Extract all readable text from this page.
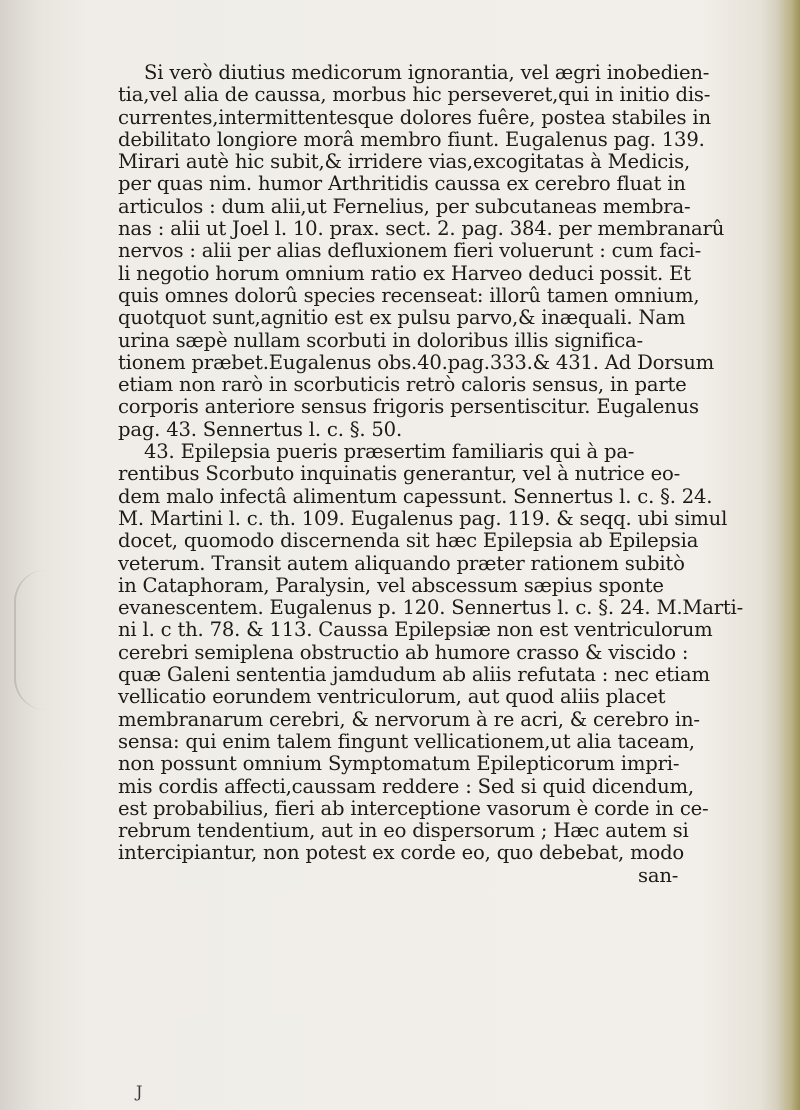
Si verò diutius medicorum ignorantia, vel ægri inobedien-
tia,vel alia de caussa, morbus hic perseveret,qui in initio dis-
currentes,intermittentesque dolores fuêre, postea stabiles in
debilitato longiore morâ membro fiunt. Eugalenus pag. 139.
Mirari autè hic subit,& irridere vias,excogitatas à Medicis,
per quas nim. humor Arthritidis caussa ex cerebro fluat in
articulos : dum alii,ut Fernelius, per subcutaneas membra-
nas : alii ut Joel l. 10. prax. sect. 2. pag. 384. per membranarû
nervos : alii per alias defluxionem fieri voluerunt : cum faci-
li negotio horum omnium ratio ex Harveo deduci possit. Et
quis omnes dolorû species recenseat: illorû tamen omnium,
quotquot sunt,agnitio est ex pulsu parvo,& inæquali. Nam
urina sæpè nullam scorbuti in doloribus illis significa-
tionem præbet.Eugalenus obs.40.pag.333.& 431. Ad Dorsum
etiam non rarò in scorbuticis retrò caloris sensus, in parte
corporis anteriore sensus frigoris persentiscitur. Eugalenus
pag. 43. Sennertus l. c. §. 50.
43. Epilepsia pueris præsertim familiaris qui à pa-
rentibus Scorbuto inquinatis generantur, vel à nutrice eo-
dem malo infectâ alimentum capessunt. Sennertus l. c. §. 24.
M. Martini l. c. th. 109. Eugalenus pag. 119. & seqq. ubi simul
docet, quomodo discernenda sit hæc Epilepsia ab Epilepsia
veterum. Transit autem aliquando præter rationem subitò
in Cataphoram, Paralysin, vel abscessum sæpius sponte
evanescentem. Eugalenus p. 120. Sennertus l. c. §. 24. M.Marti-
ni l. c th. 78. & 113. Caussa Epilepsiæ non est ventriculorum
cerebri semiplena obstructio ab humore crasso & viscido :
quæ Galeni sententia jamdudum ab aliis refutata : nec etiam
vellicatio eorundem ventriculorum, aut quod aliis placet
membranarum cerebri, & nervorum à re acri, & cerebro in-
sensa: qui enim talem fingunt vellicationem,ut alia taceam,
non possunt omnium Symptomatum Epilepticorum impri-
mis cordis affecti,caussam reddere : Sed si quid dicendum,
est probabilius, fieri ab interceptione vasorum è corde in ce-
rebrum tendentium, aut in eo dispersorum ; Hæc autem si
intercipiantur, non potest ex corde eo, quo debebat, modo
san-
J
